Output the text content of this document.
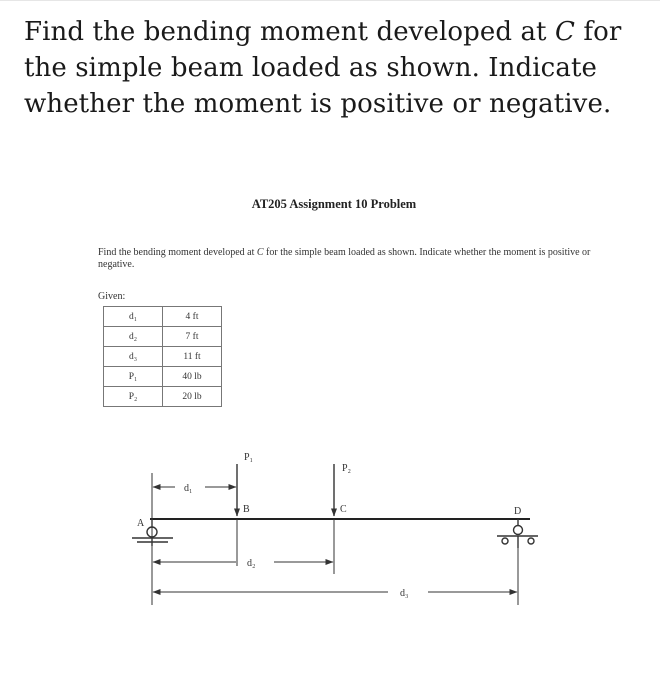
Find the bending moment developed at C for the simple beam loaded as shown. Indicate whether the moment is positive or negative.
AT205 Assignment 10 Problem
Find the bending moment developed at C for the simple beam loaded as shown. Indicate whether the moment is positive or negative.
Given:
d₁	4 ft
d₂	7 ft
d₃	11 ft
P₁	40 lb
P₂	20 lb
A
B	C	D
P₁
P₂
d₁
d₂
d₃
